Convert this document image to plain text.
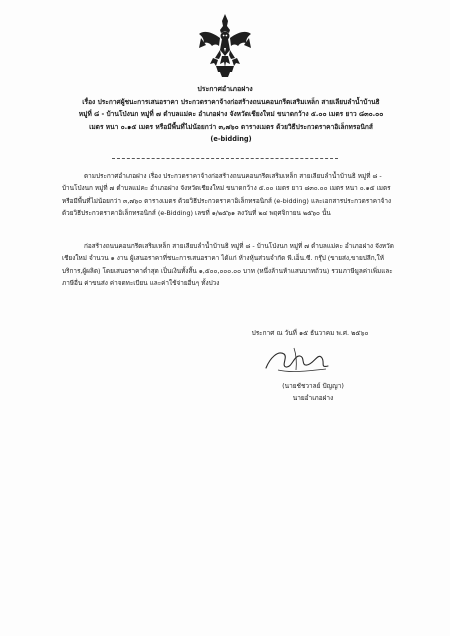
ประกาศอำเภอฝาง
เรื่อง ประกาศผู้ชนะการเสนอราคา ประกวดราคาจ้างก่อสร้างถนนคอนกรีตเสริมเหล็ก สายเลียบลำน้ำบ้านธิ
หมู่ที่ ๘ - บ้านโป่งนก หมู่ที่ ๗ ตำบลแม่คะ อำเภอฝาง จังหวัดเชียงใหม่ ขนาดกว้าง ๕.๐๐ เมตร ยาว ๘๓๐.๐๐
เมตร หนา ๐.๑๕ เมตร หรือมีพื้นที่ไม่น้อยกว่า ๓,๗๖๐ ตารางเมตร ด้วยวิธีประกวดราคาอิเล็กทรอนิกส์
(e-bidding)
ตามประกาศอำเภอฝาง เรื่อง ประกวดราคาจ้างก่อสร้างถนนคอนกรีตเสริมเหล็ก สายเลียบลำน้ำบ้านธิ หมู่ที่ ๘ - บ้านโป่งนก หมู่ที่ ๗ ตำบลแม่คะ อำเภอฝาง จังหวัดเชียงใหม่ ขนาดกว้าง ๕.๐๐ เมตร ยาว ๘๓๐.๐๐ เมตร หนา ๐.๑๕ เมตร หรือมีพื้นที่ไม่น้อยกว่า ๓,๗๖๐ ตารางเมตร ด้วยวิธีประกวดราคาอิเล็กทรอนิกส์ (e-bidding) และเอกสารประกวดราคาจ้างด้วยวิธีประกวดราคาอิเล็กทรอนิกส์ (e-Bidding) เลขที่ ๑/๒๕๖๑ ลงวันที่ ๒๔ พฤศจิกายน ๒๕๖๐ นั้น
ก่อสร้างถนนคอนกรีตเสริมเหล็ก สายเลียบลำน้ำบ้านธิ หมู่ที่ ๘ - บ้านโป่งนก หมู่ที่ ๗ ตำบลแม่คะ อำเภอฝาง จังหวัดเชียงใหม่ จำนวน ๑ งาน ผู้เสนอราคาที่ชนะการเสนอราคา ได้แก่ ห้างหุ้นส่วนจำกัด พี.เอ็น.ซี. กรุ๊ป (ขายส่ง,ขายปลีก,ให้บริการ,ผู้ผลิต) โดยเสนอราคาต่ำสุด เป็นเงินทั้งสิ้น ๑,๕๐๐,๐๐๐.๐๐ บาท (หนึ่งล้านห้าแสนบาทถ้วน) รวมภาษีมูลค่าเพิ่มและภาษีอื่น ค่าขนส่ง ค่าจดทะเบียน และค่าใช้จ่ายอื่นๆ ทั้งปวง
ประกาศ ณ วันที่ ๑๕ ธันวาคม พ.ศ. ๒๕๖๐
(นายชัชวาลย์ ปัญญา)
นายอำเภอฝาง
